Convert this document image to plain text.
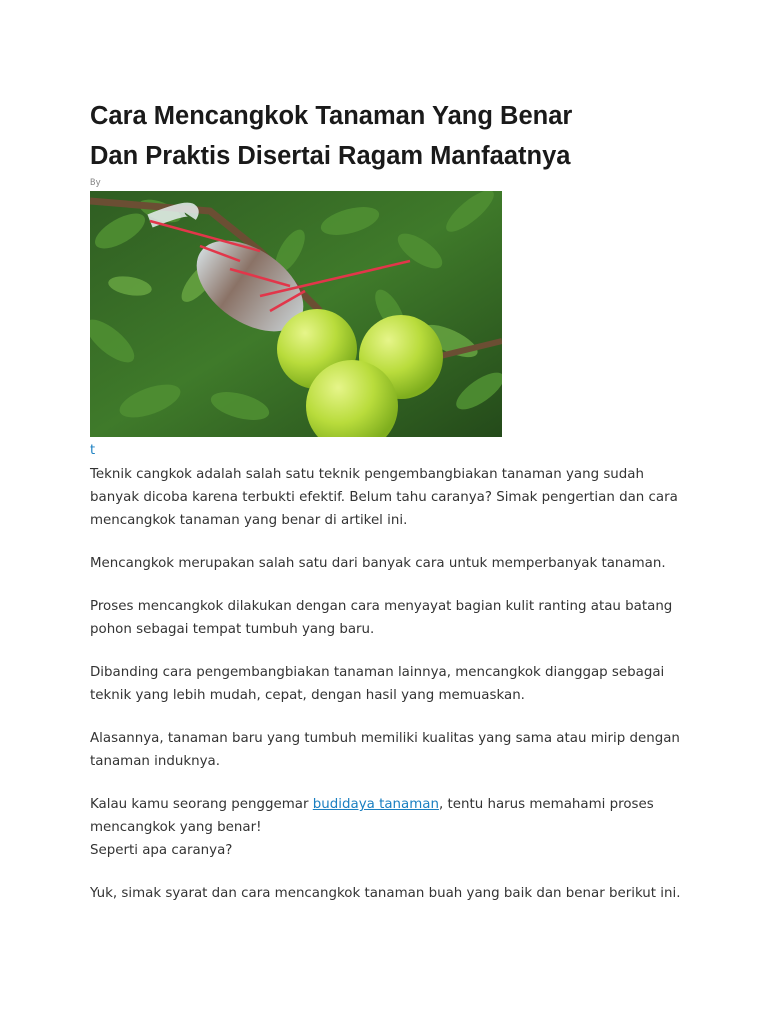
Cara Mencangkok Tanaman Yang Benar
Dan Praktis Disertai Ragam Manfaatnya
By
t

Teknik cangkok adalah salah satu teknik pengembangbiakan tanaman yang sudah banyak dicoba karena terbukti efektif. Belum tahu caranya? Simak pengertian dan cara mencangkok tanaman yang benar di artikel ini.

Mencangkok merupakan salah satu dari banyak cara untuk memperbanyak tanaman.

Proses mencangkok dilakukan dengan cara menyayat bagian kulit ranting atau batang pohon sebagai tempat tumbuh yang baru.

Dibanding cara pengembangbiakan tanaman lainnya, mencangkok dianggap sebagai teknik yang lebih mudah, cepat, dengan hasil yang memuaskan.

Alasannya, tanaman baru yang tumbuh memiliki kualitas yang sama atau mirip dengan tanaman induknya.

Kalau kamu seorang penggemar budidaya tanaman, tentu harus memahami proses mencangkok yang benar!
Seperti apa caranya?

Yuk, simak syarat dan cara mencangkok tanaman buah yang baik dan benar berikut ini.
